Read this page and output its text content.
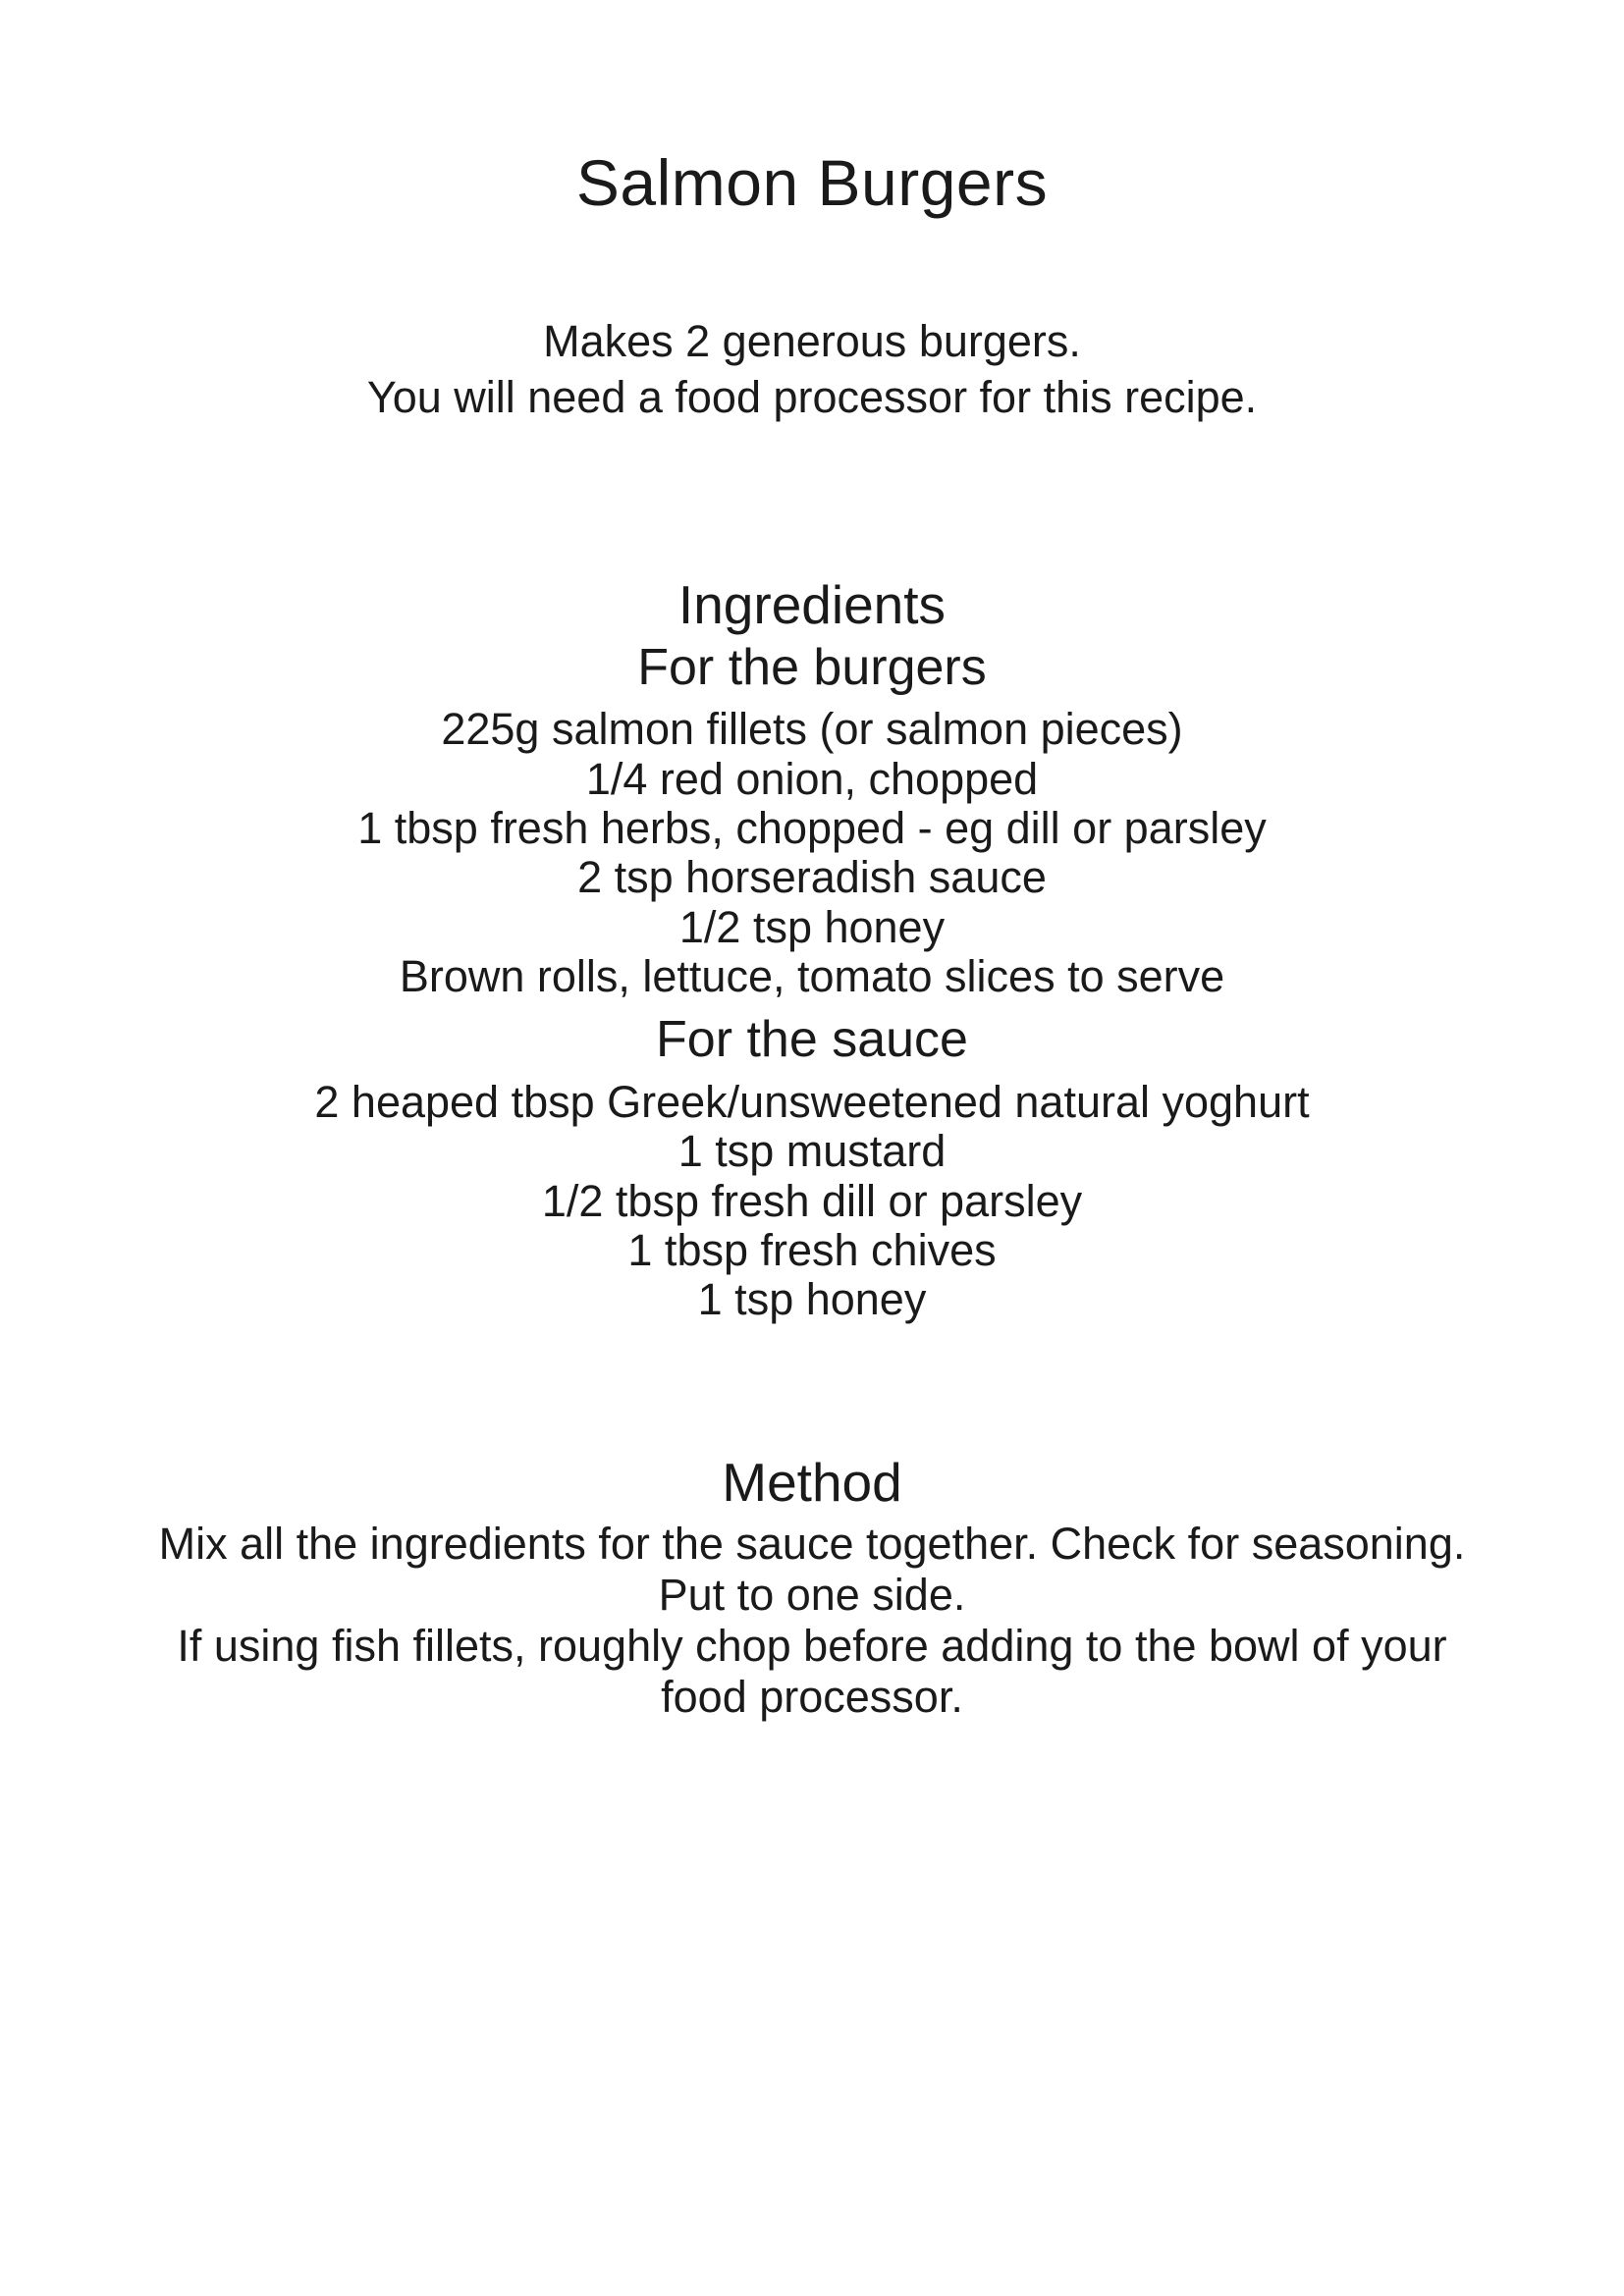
Salmon Burgers
Makes 2 generous burgers.
You will need a food processor for this recipe.
Ingredients
For the burgers
225g salmon fillets (or salmon pieces)
1/4 red onion, chopped
1 tbsp fresh herbs, chopped - eg dill or parsley
2 tsp horseradish sauce
1/2 tsp honey
Brown rolls, lettuce, tomato slices to serve
For the sauce
2 heaped tbsp Greek/unsweetened natural yoghurt
1 tsp mustard
1/2 tbsp fresh dill or parsley
1 tbsp fresh chives
1 tsp honey
Method

Mix all the ingredients for the sauce together. Check for seasoning. Put to one side.

If using fish fillets, roughly chop before adding to the bowl of your food processor.
